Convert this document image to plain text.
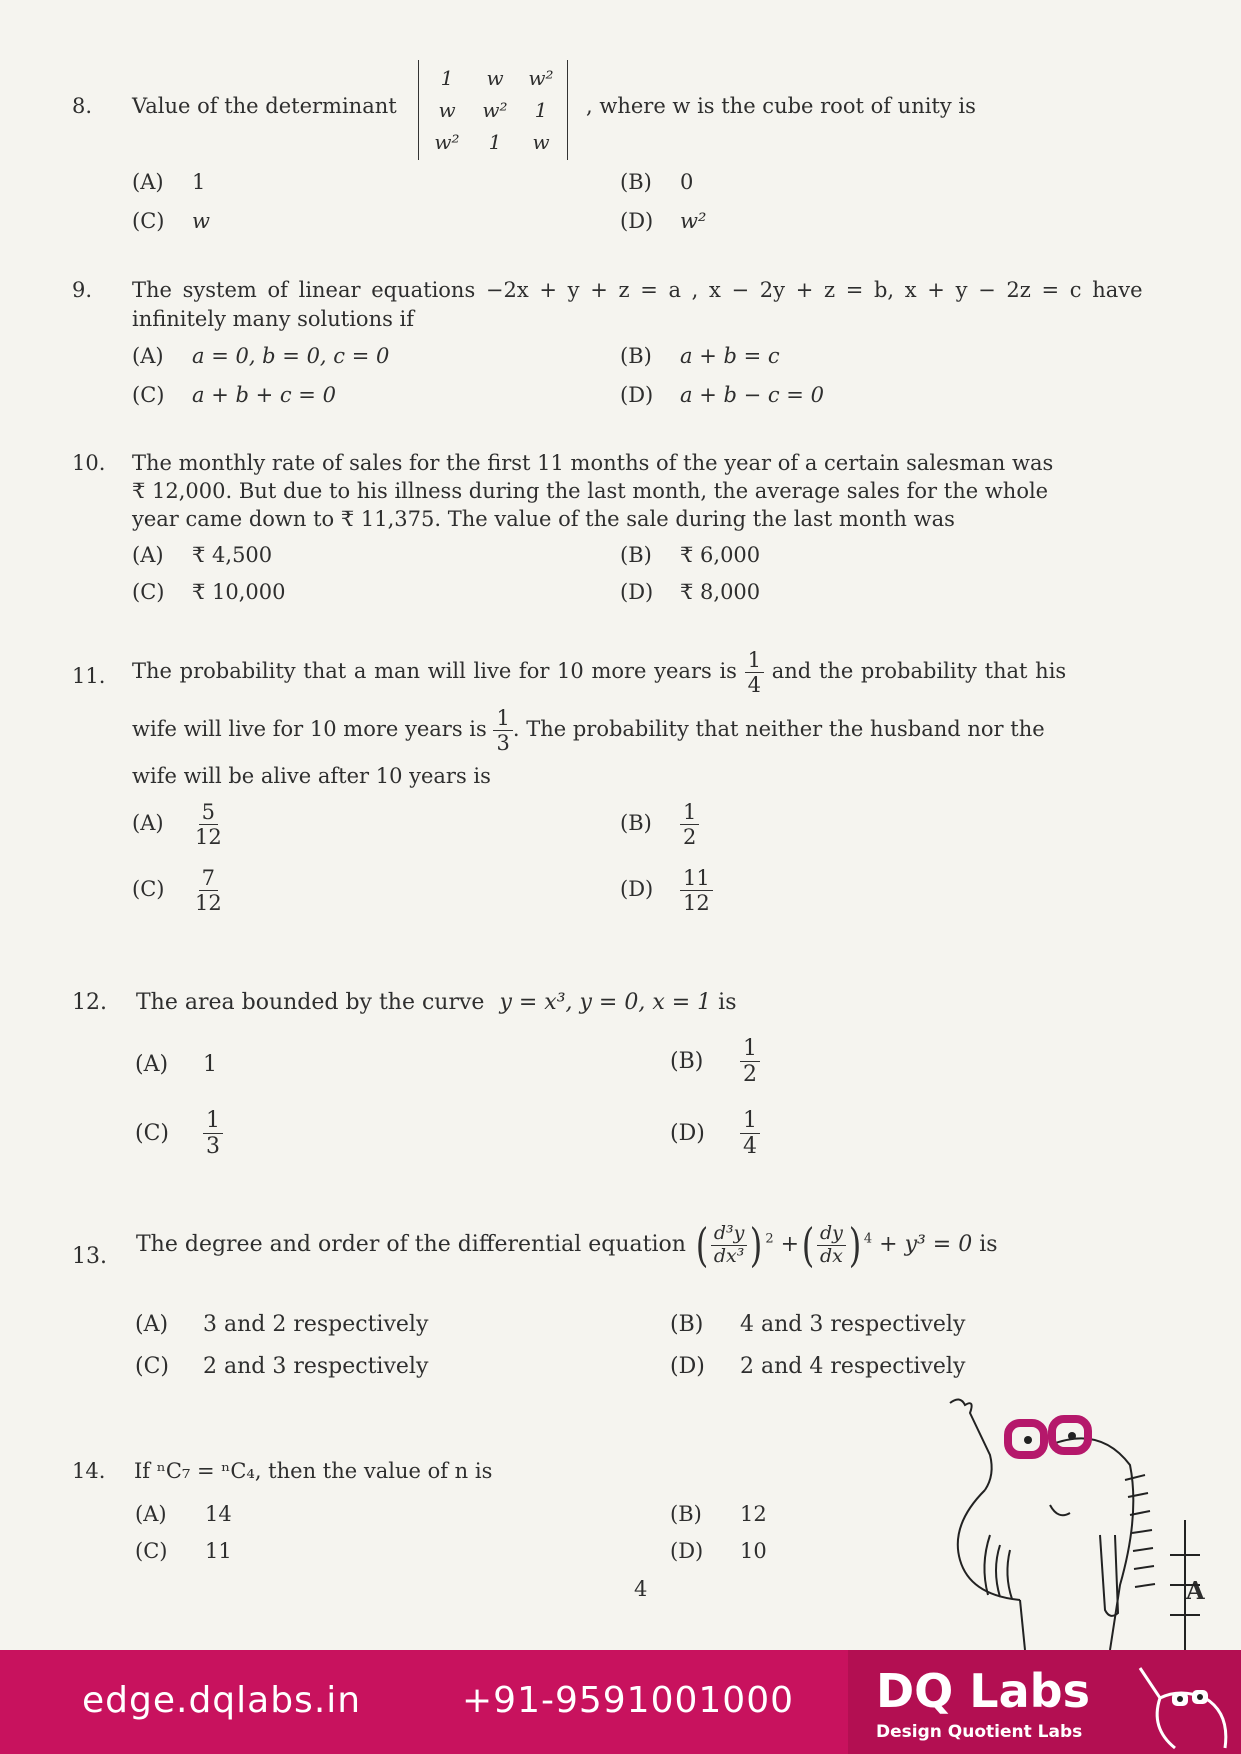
8. Value of the determinant
1	w	w²
w	w²	1
w²	1	w
, where w is the cube root of unity is
(A) 1	(B) 0
(C) w	(D) w²
9. The system of linear equations −2x + y + z = a , x − 2y + z = b, x + y − 2z = c have
infinitely many solutions if
(A) a = 0, b = 0, c = 0	(B) a + b = c
(C) a + b + c = 0	(D) a + b − c = 0
10. The monthly rate of sales for the first 11 months of the year of a certain salesman was
₹ 12,000. But due to his illness during the last month, the average sales for the whole
year came down to ₹ 11,375. The value of the sale during the last month was
(A) ₹ 4,500	(B) ₹ 6,000
(C) ₹ 10,000	(D) ₹ 8,000
11. The probability that a man will live for 10 more years is $\frac{1}{4}$ and the probability that his
wife will live for 10 more years is $\frac{1}{3}$ . The probability that neither the husband nor the
wife will be alive after 10 years is
$(A) \frac{5}{12}$	$(B) \frac{1}{2}$
$(C) \frac{7}{12}$	$(D) \frac{11}{12}$
12. The area bounded by the curve y = x³, y = 0, x = 1 is
(A) 1	$(B) \frac{1}{2}$
$(C) \frac{1}{3}$	$(D) \frac{1}{4}$
13. The degree and order of the differential equation ( $\frac{\text{d³y}}{\text{dx³}}$ ) $^2$ +( $\frac{dy}{dx}$ ) $^4$ + y³ = 0 is
(A) 3 and 2 respectively	(B) 4 and 3 respectively
(C) 2 and 3 respectively	(D) 2 and 4 respectively
14. If ⁿC₇ = ⁿC₄, then the value of n is
(A) 14	(B) 12
(C) 11	(D) 10
4	A
edge.dqlabs.in	+91-9591001000 DQ Labs
Design Quotient Labs
